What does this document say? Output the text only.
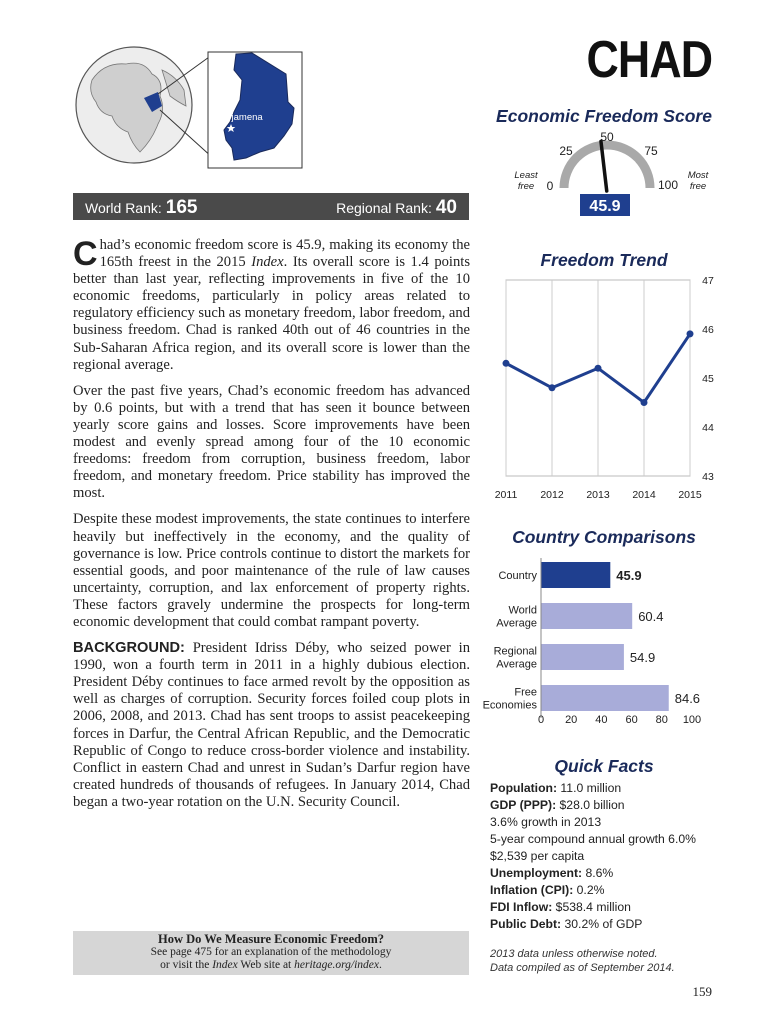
CHAD
N'Djamena
World Rank: 165	Regional Rank: 40

Chad’s economic freedom score is 45.9, making its economy the 165th freest in the 2015 Index. Its overall score is 1.4 points better than last year, reflecting improvements in five of the 10 economic freedoms, particularly in policy areas related to regulatory efficiency such as monetary freedom, labor freedom, and business freedom. Chad is ranked 40th out of 46 countries in the Sub-Saharan Africa region, and its overall score is lower than the regional average.

Over the past five years, Chad’s economic freedom has advanced by 0.6 points, but with a trend that has seen it bounce between yearly score gains and losses. Score improvements have been modest and evenly spread among four of the 10 economic freedoms: freedom from corruption, business freedom, labor freedom, and monetary freedom. Price stability has improved the most.

Despite these modest improvements, the state continues to interfere heavily but ineffectively in the economy, and the quality of governance is low. Price controls continue to distort the markets for essential goods, and poor maintenance of the rule of law causes uncertainty, corruption, and lax enforcement of property rights. These factors gravely undermine the prospects for long-term economic development that could combat rampant poverty.

BACKGROUND: President Idriss Déby, who seized power in 1990, won a fourth term in 2011 in a highly dubious election. President Déby continues to face armed revolt by the opposition as well as charges of corruption. Security forces foiled coup plots in 2006, 2008, and 2013. Chad has sent troops to assist peacekeeping forces in Darfur, the Central African Republic, and the Democratic Republic of Congo to reduce cross-border violence and instability. Conflict in eastern Chad and unrest in Sudan’s Darfur region have created hundreds of thousands of refugees. In January 2014, Chad began a two-year rotation on the U.N. Security Council.

How Do We Measure Economic Freedom?
See page 475 for an explanation of the methodology
or visit the Index Web site at heritage.org/index.
159
Economic Freedom Score
0
25
50
75
100
Least
free
Most
free
45.9
Freedom Trend
2011 2012 2013 2014 2015
43
44
45
46
47
Country Comparisons
Country	45.9
World
Average	60.4
Regional
Average	54.9
Free
Economies	84.6
0 20 40 60 80 100
Quick Facts
Population: 11.0 million
GDP (PPP): $28.0 billion
3.6% growth in 2013
5-year compound annual growth 6.0%
$2,539 per capita
Unemployment: 8.6%
Inflation (CPI): 0.2%
FDI Inflow: $538.4 million
Public Debt: 30.2% of GDP
2013 data unless otherwise noted.
Data compiled as of September 2014.
